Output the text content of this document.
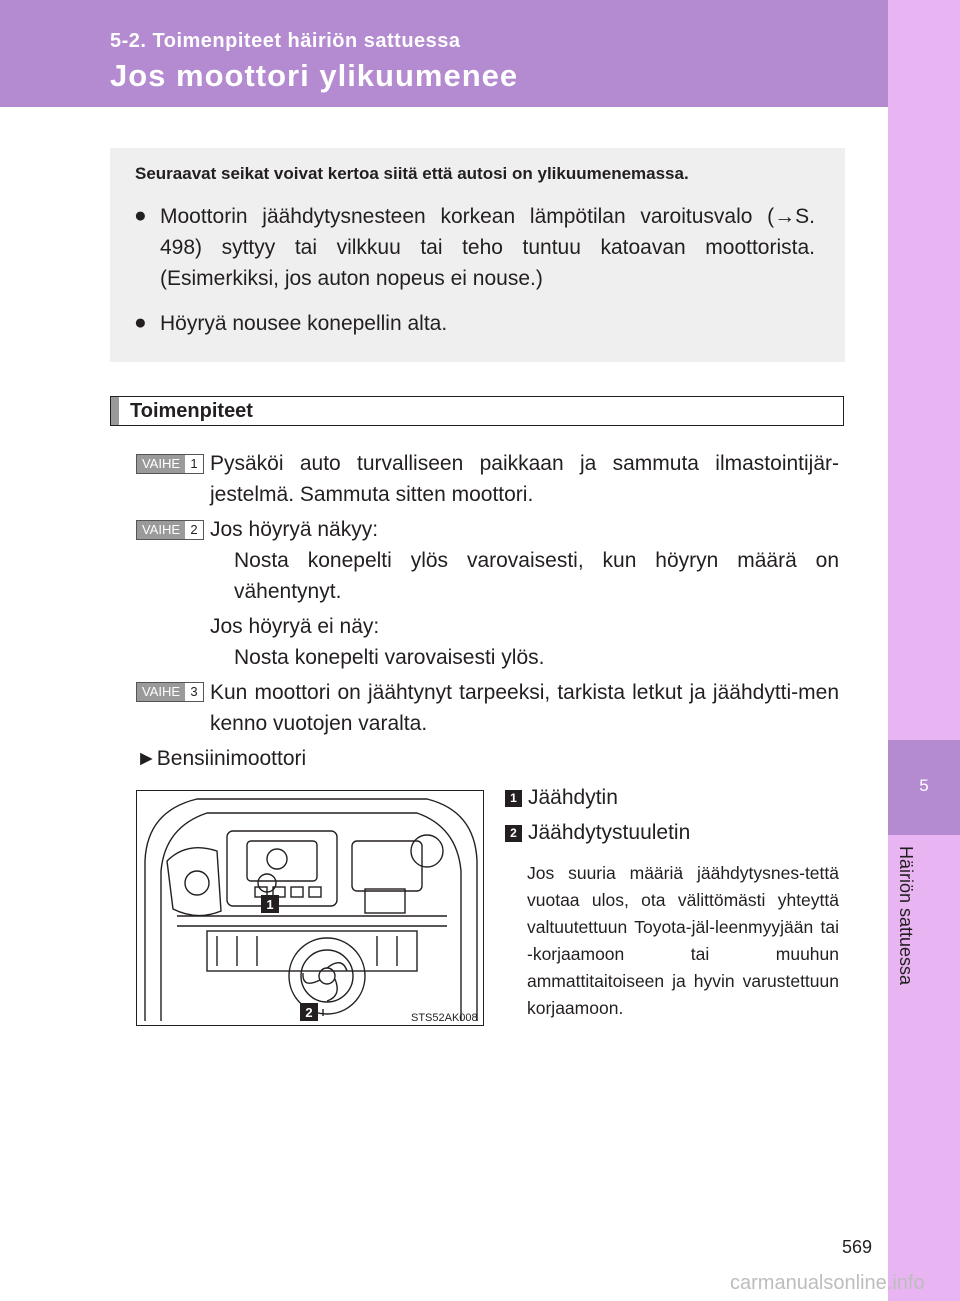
5-2. Toimenpiteet häiriön sattuessa
Jos moottori ylikuumenee
5
Häiriön sattuessa
Seuraavat seikat voivat kertoa siitä että autosi on ylikuumenemassa.
● Moottorin jäähdytysnesteen korkean lämpötilan varoitusvalo (→S. 498) syttyy tai vilkkuu tai teho tuntuu katoavan moottorista. (Esimerkiksi, jos auton nopeus ei nouse.)
● Höyryä nousee konepellin alta.
Toimenpiteet
VAIHE 1 Pysäköi auto turvalliseen paikkaan ja sammuta ilmastointijär-jestelmä. Sammuta sitten moottori.
VAIHE 2 Jos höyryä näkyy:
Nosta konepelti ylös varovaisesti, kun höyryn määrä on vähentynyt.
Jos höyryä ei näy:
Nosta konepelti varovaisesti ylös.
VAIHE 3 Kun moottori on jäähtynyt tarpeeksi, tarkista letkut ja jäähdytti-men kenno vuotojen varalta.
►Bensiinimoottori
1
2	STS52AK008
1 Jäähdytin
2 Jäähdytystuuletin
Jos suuria määriä jäähdytysnes-tettä vuotaa ulos, ota välittömästi yhteyttä valtuutettuun Toyota-jäl-leenmyyjään tai -korjaamoon tai muuhun ammattitaitoiseen ja hyvin varustettuun korjaamoon.
569
carmanualsonline.info
